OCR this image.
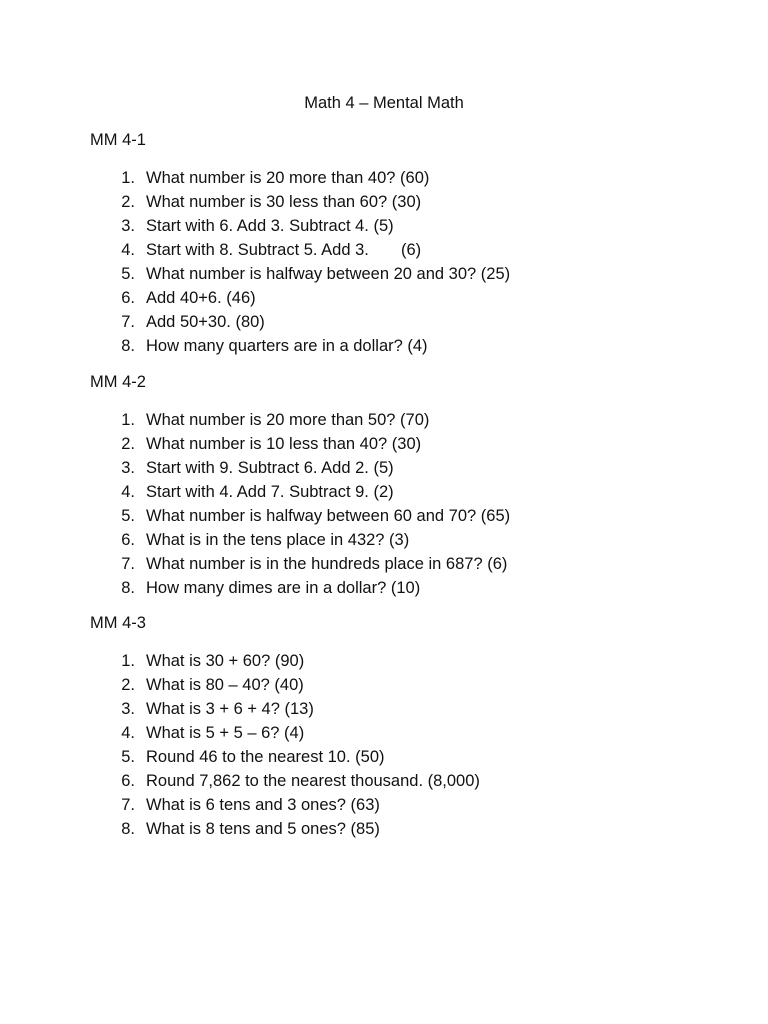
Math 4 – Mental Math
MM 4-1
1. What number is 20 more than 40? (60)
2. What number is 30 less than 60? (30)
3. Start with 6. Add 3. Subtract 4. (5)
4. Start with 8. Subtract 5. Add 3.       (6)
5. What number is halfway between 20 and 30? (25)
6. Add 40+6. (46)
7. Add 50+30. (80)
8. How many quarters are in a dollar? (4)
MM 4-2
1. What number is 20 more than 50? (70)
2. What number is 10 less than 40? (30)
3. Start with 9. Subtract 6. Add 2. (5)
4. Start with 4. Add 7. Subtract 9. (2)
5. What number is halfway between 60 and 70? (65)
6. What is in the tens place in 432? (3)
7. What number is in the hundreds place in 687? (6)
8. How many dimes are in a dollar? (10)
MM 4-3
1. What is 30 + 60? (90)
2. What is 80 – 40? (40)
3. What is 3 + 6 + 4? (13)
4. What is 5 + 5 – 6? (4)
5. Round 46 to the nearest 10. (50)
6. Round 7,862 to the nearest thousand. (8,000)
7. What is 6 tens and 3 ones? (63)
8. What is 8 tens and 5 ones? (85)
